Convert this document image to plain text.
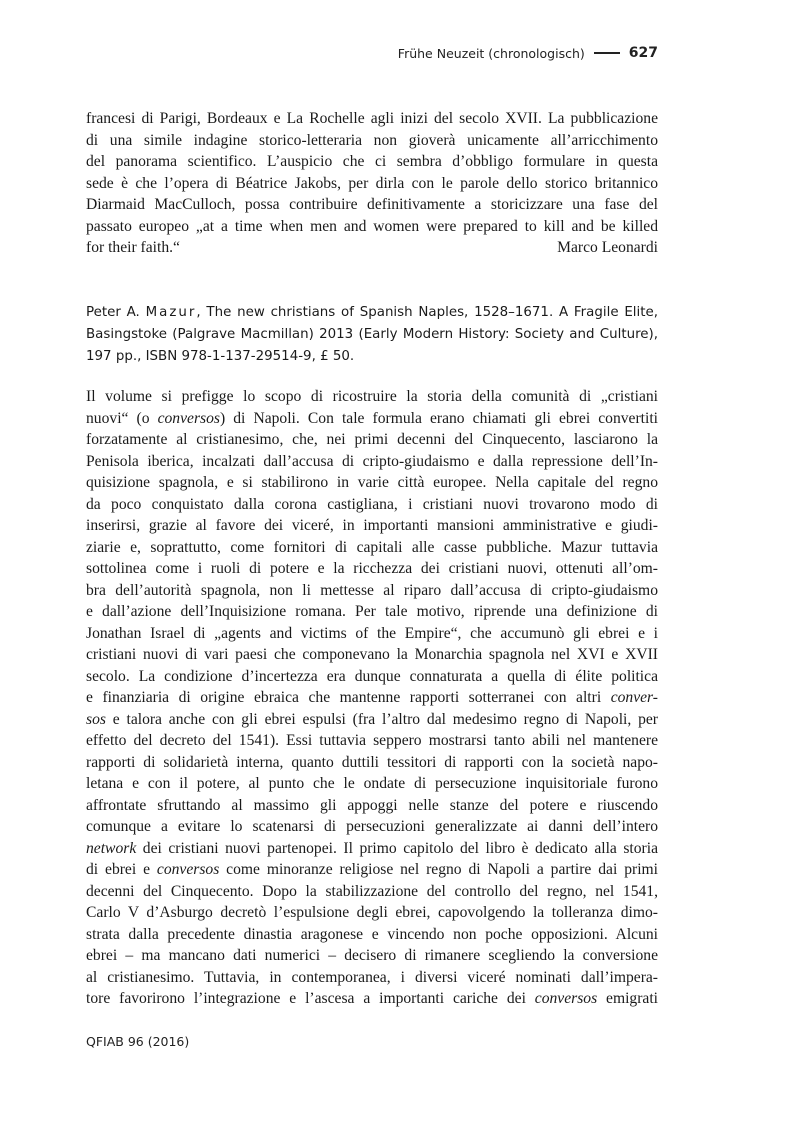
Frühe Neuzeit (chronologisch)	627
francesi di Parigi, Bordeaux e La Rochelle agli inizi del secolo XVII. La pubblicazione
di una simile indagine storico-letteraria non gioverà unicamente all’arricchimento
del panorama scientifico. L’auspicio che ci sembra d’obbligo formulare in questa
sede è che l’opera di Béatrice Jakobs, per dirla con le parole dello storico britannico
Diarmaid MacCulloch, possa contribuire definitivamente a storicizzare una fase del
passato europeo „at a time when men and women were prepared to kill and be killed
for their faith.“	Marco Leonardi
Peter A. Mazur, The new christians of Spanish Naples, 1528–1671. A Fragile Elite,
Basingstoke (Palgrave Macmillan) 2013 (Early Modern History: Society and Culture),
197 pp., ISBN 978-1-137-29514-9, £ 50.
Il volume si prefigge lo scopo di ricostruire la storia della comunità di „cristiani
nuovi“ (o conversos) di Napoli. Con tale formula erano chiamati gli ebrei convertiti
forzatamente al cristianesimo, che, nei primi decenni del Cinquecento, lasciarono la
Penisola iberica, incalzati dall’accusa di cripto-giudaismo e dalla repressione dell’In-
quisizione spagnola, e si stabilirono in varie città europee. Nella capitale del regno
da poco conquistato dalla corona castigliana, i cristiani nuovi trovarono modo di
inserirsi, grazie al favore dei viceré, in importanti mansioni amministrative e giudi-
ziarie e, soprattutto, come fornitori di capitali alle casse pubbliche. Mazur tuttavia
sottolinea come i ruoli di potere e la ricchezza dei cristiani nuovi, ottenuti all’om-
bra dell’autorità spagnola, non li mettesse al riparo dall’accusa di cripto-giudaismo
e dall’azione dell’Inquisizione romana. Per tale motivo, riprende una definizione di
Jonathan Israel di „agents and victims of the Empire“, che accumunò gli ebrei e i
cristiani nuovi di vari paesi che componevano la Monarchia spagnola nel XVI e XVII
secolo. La condizione d’incertezza era dunque connaturata a quella di élite politica
e finanziaria di origine ebraica che mantenne rapporti sotterranei con altri conver-
sos e talora anche con gli ebrei espulsi (fra l’altro dal medesimo regno di Napoli, per
effetto del decreto del 1541). Essi tuttavia seppero mostrarsi tanto abili nel mantenere
rapporti di solidarietà interna, quanto duttili tessitori di rapporti con la società napo-
letana e con il potere, al punto che le ondate di persecuzione inquisitoriale furono
affrontate sfruttando al massimo gli appoggi nelle stanze del potere e riuscendo
comunque a evitare lo scatenarsi di persecuzioni generalizzate ai danni dell’intero
network dei cristiani nuovi partenopei. Il primo capitolo del libro è dedicato alla storia
di ebrei e conversos come minoranze religiose nel regno di Napoli a partire dai primi
decenni del Cinquecento. Dopo la stabilizzazione del controllo del regno, nel 1541,
Carlo V d’Asburgo decretò l’espulsione degli ebrei, capovolgendo la tolleranza dimo-
strata dalla precedente dinastia aragonese e vincendo non poche opposizioni. Alcuni
ebrei – ma mancano dati numerici – decisero di rimanere scegliendo la conversione
al cristianesimo. Tuttavia, in contemporanea, i diversi viceré nominati dall’impera-
tore favorirono l’integrazione e l’ascesa a importanti cariche dei conversos emigrati
QFIAB 96 (2016)
